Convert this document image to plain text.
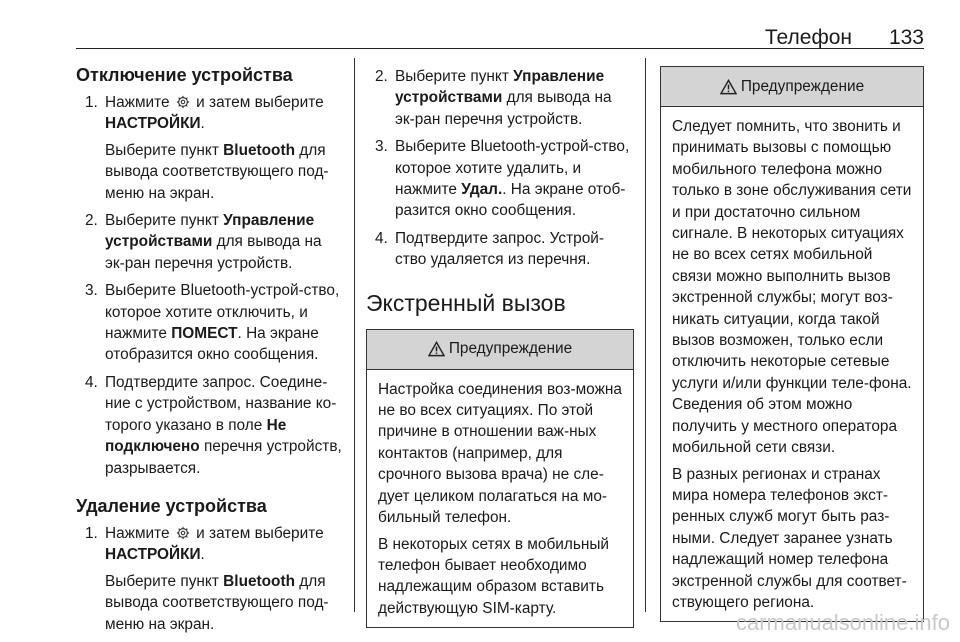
Телефон 133
Отключение устройства
1. Нажмите и затем выберите НАСТРОЙКИ.

Выберите пункт Bluetooth для вывода соответствующего под-меню на экран.

2. Выберите пункт Управление устройствами для вывода на эк-ран перечня устройств.

3. Выберите Bluetooth-устрой-ство, которое хотите отключить, и нажмите ПОМЕСТ. На экране отобразится окно сообщения.

4. Подтвердите запрос. Соедине-ние с устройством, название ко-торого указано в поле Не подключено перечня устройств, разрывается.

Удаление устройства
1. Нажмите и затем выберите НАСТРОЙКИ.

Выберите пункт Bluetooth для вывода соответствующего под-меню на экран.

2. Выберите пункт Управление устройствами для вывода на эк-ран перечня устройств.

3. Выберите Bluetooth-устрой-ство, которое хотите удалить, и нажмите Удал.. На экране отоб-разится окно сообщения.

4. Подтвердите запрос. Устрой-ство удаляется из перечня.

Экстренный вызов
Предупреждение

Настройка соединения воз-можна не во всех ситуациях. По этой причине в отношении важ-ных контактов (например, для срочного вызова врача) не сле-дует целиком полагаться на мо-бильный телефон.

В некоторых сетях в мобильный телефон бывает необходимо надлежащим образом вставить действующую SIM-карту.

Предупреждение

Следует помнить, что звонить и принимать вызовы с помощью мобильного телефона можно только в зоне обслуживания сети и при достаточно сильном сигнале. В некоторых ситуациях не во всех сетях мобильной связи можно выполнить вызов экстренной службы; могут воз-никать ситуации, когда такой вызов возможен, только если отключить некоторые сетевые услуги и/или функции теле-фона. Сведения об этом можно получить у местного оператора мобильной сети связи.

В разных регионах и странах мира номера телефонов экст-ренных служб могут быть раз-ными. Следует заранее узнать надлежащий номер телефона экстренной службы для соответ-ствующего региона.

carmanualsonline.info
